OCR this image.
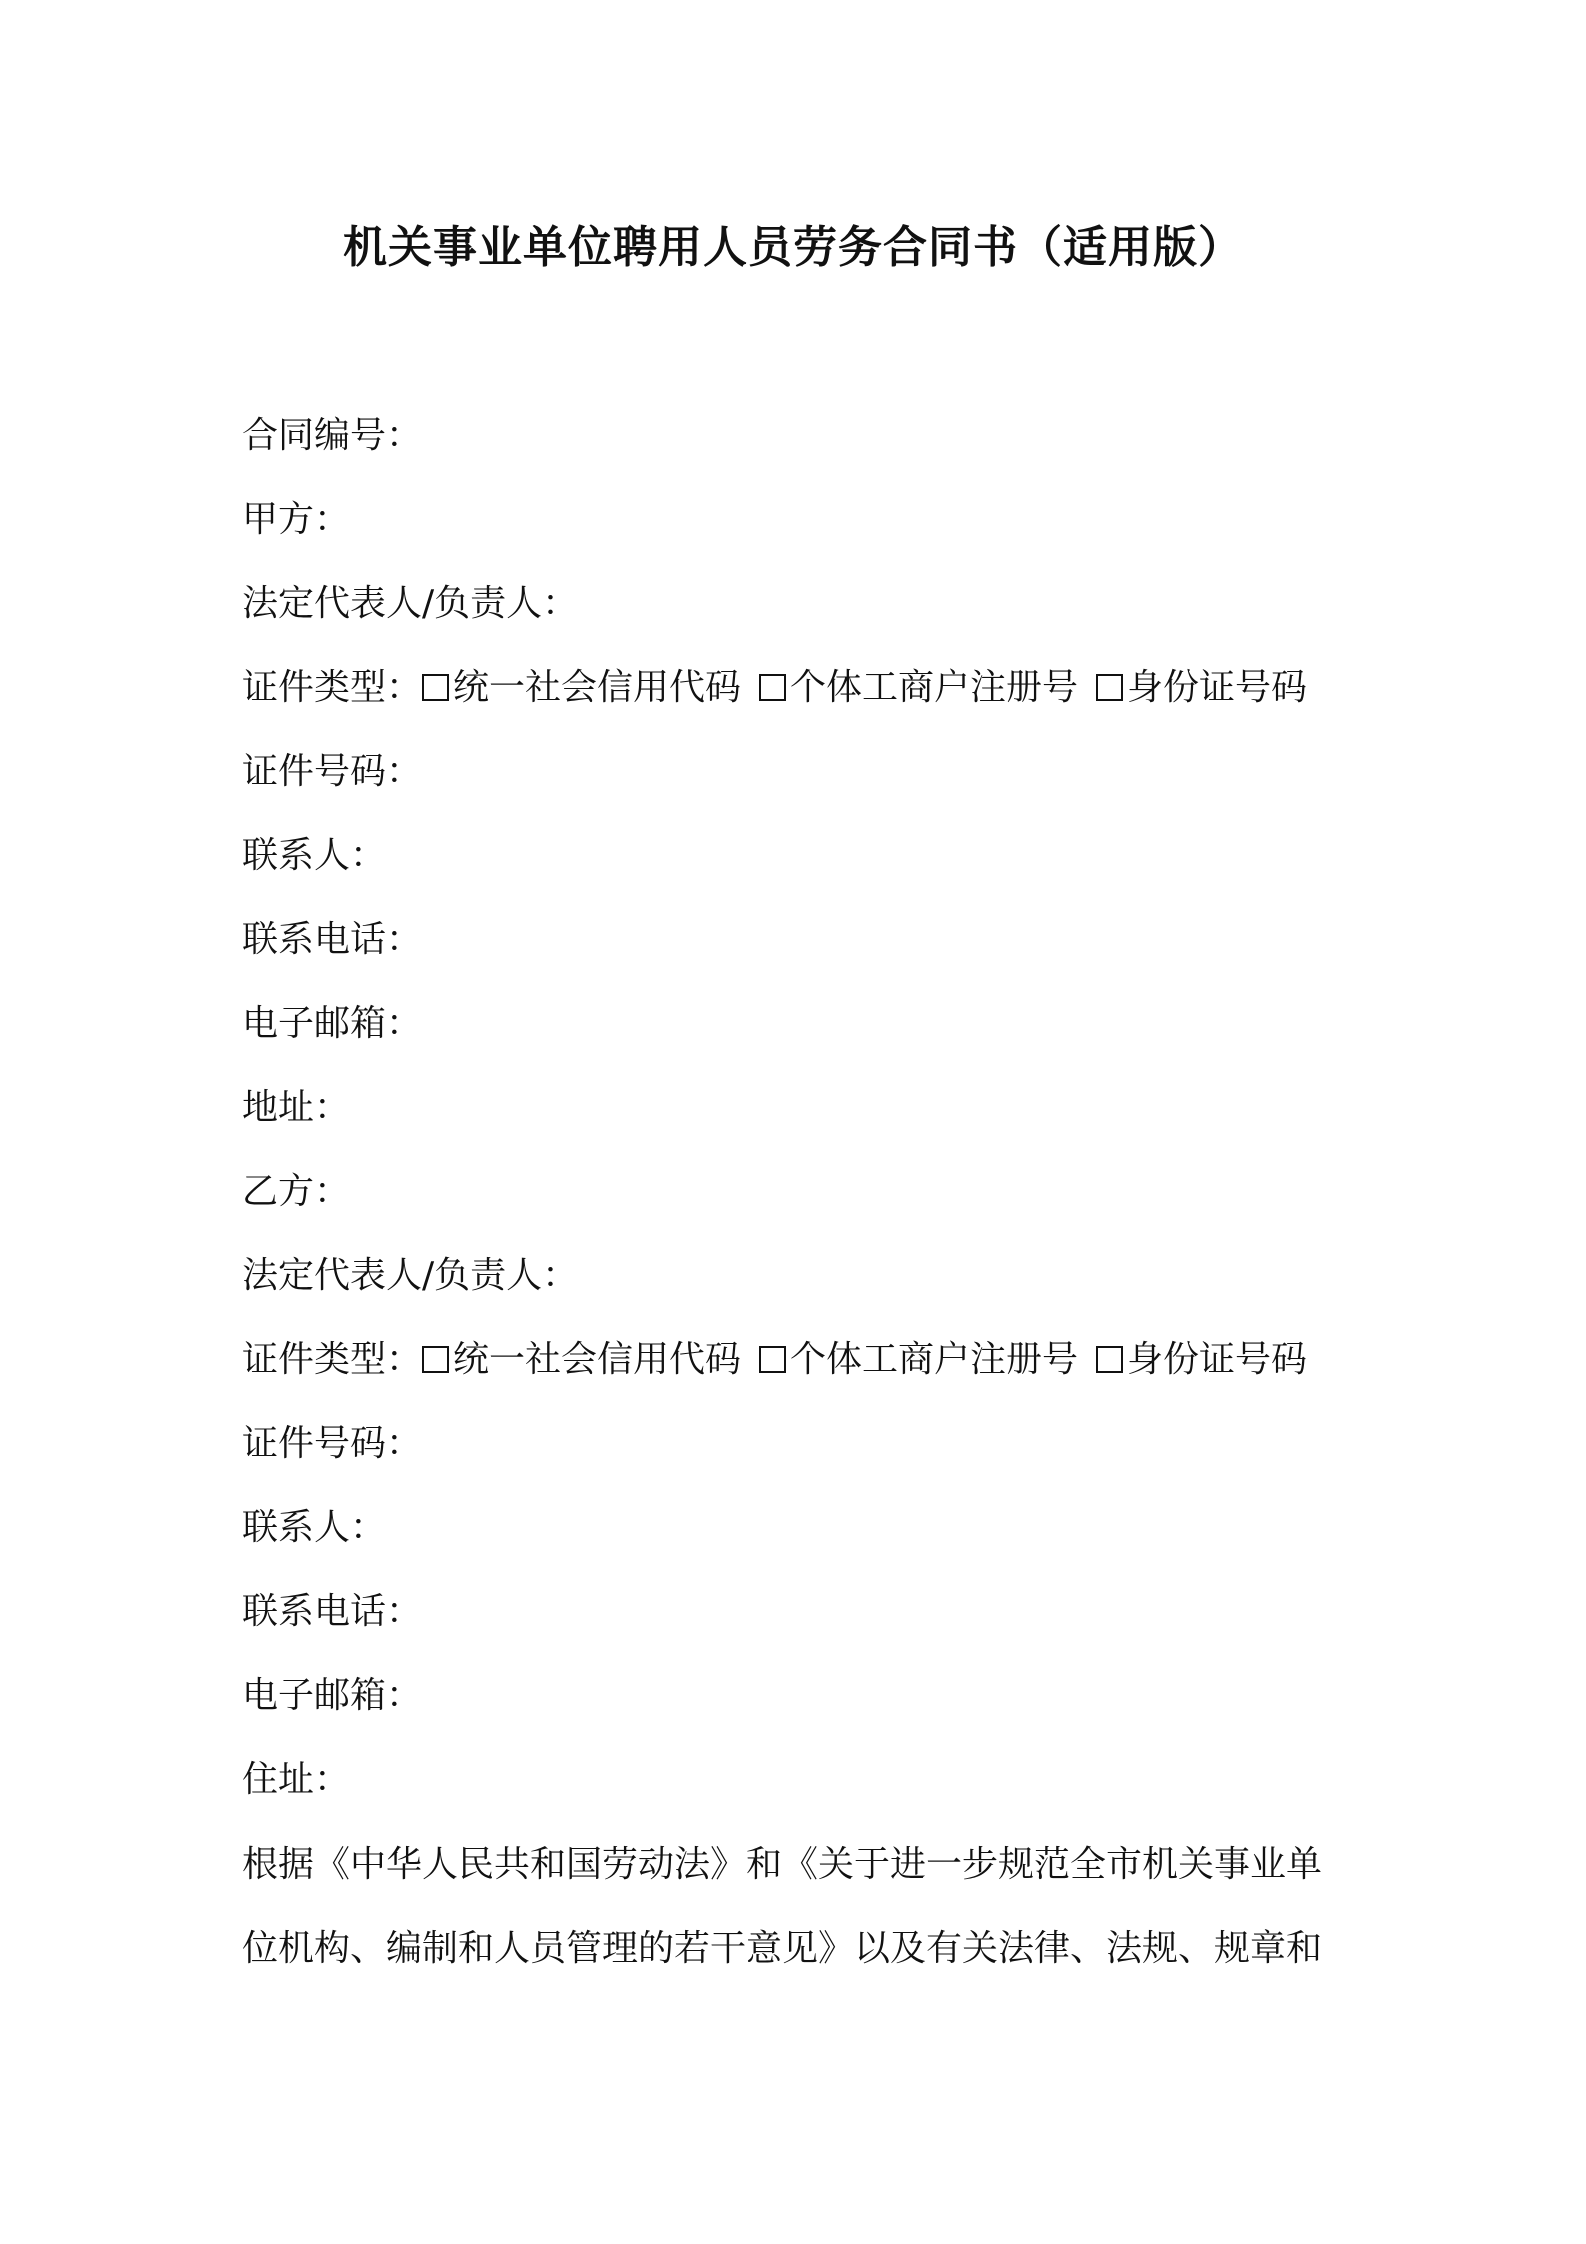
机关事业单位聘用人员劳务合同书（适用版）
合同编号：
甲方：
法定代表人/负责人：
证件类型： 统一社会信用代码 个体工商户注册号 身份证号码
证件号码：
联系人：
联系电话：
电子邮箱：
地址：
乙方：
法定代表人/负责人：
证件类型： 统一社会信用代码 个体工商户注册号 身份证号码
证件号码：
联系人：
联系电话：
电子邮箱：
住址：
根据《中华人民共和国劳动法》和《关于进一步规范全市机关事业单
位机构、编制和人员管理的若干意见》以及有关法律、法规、规章和
